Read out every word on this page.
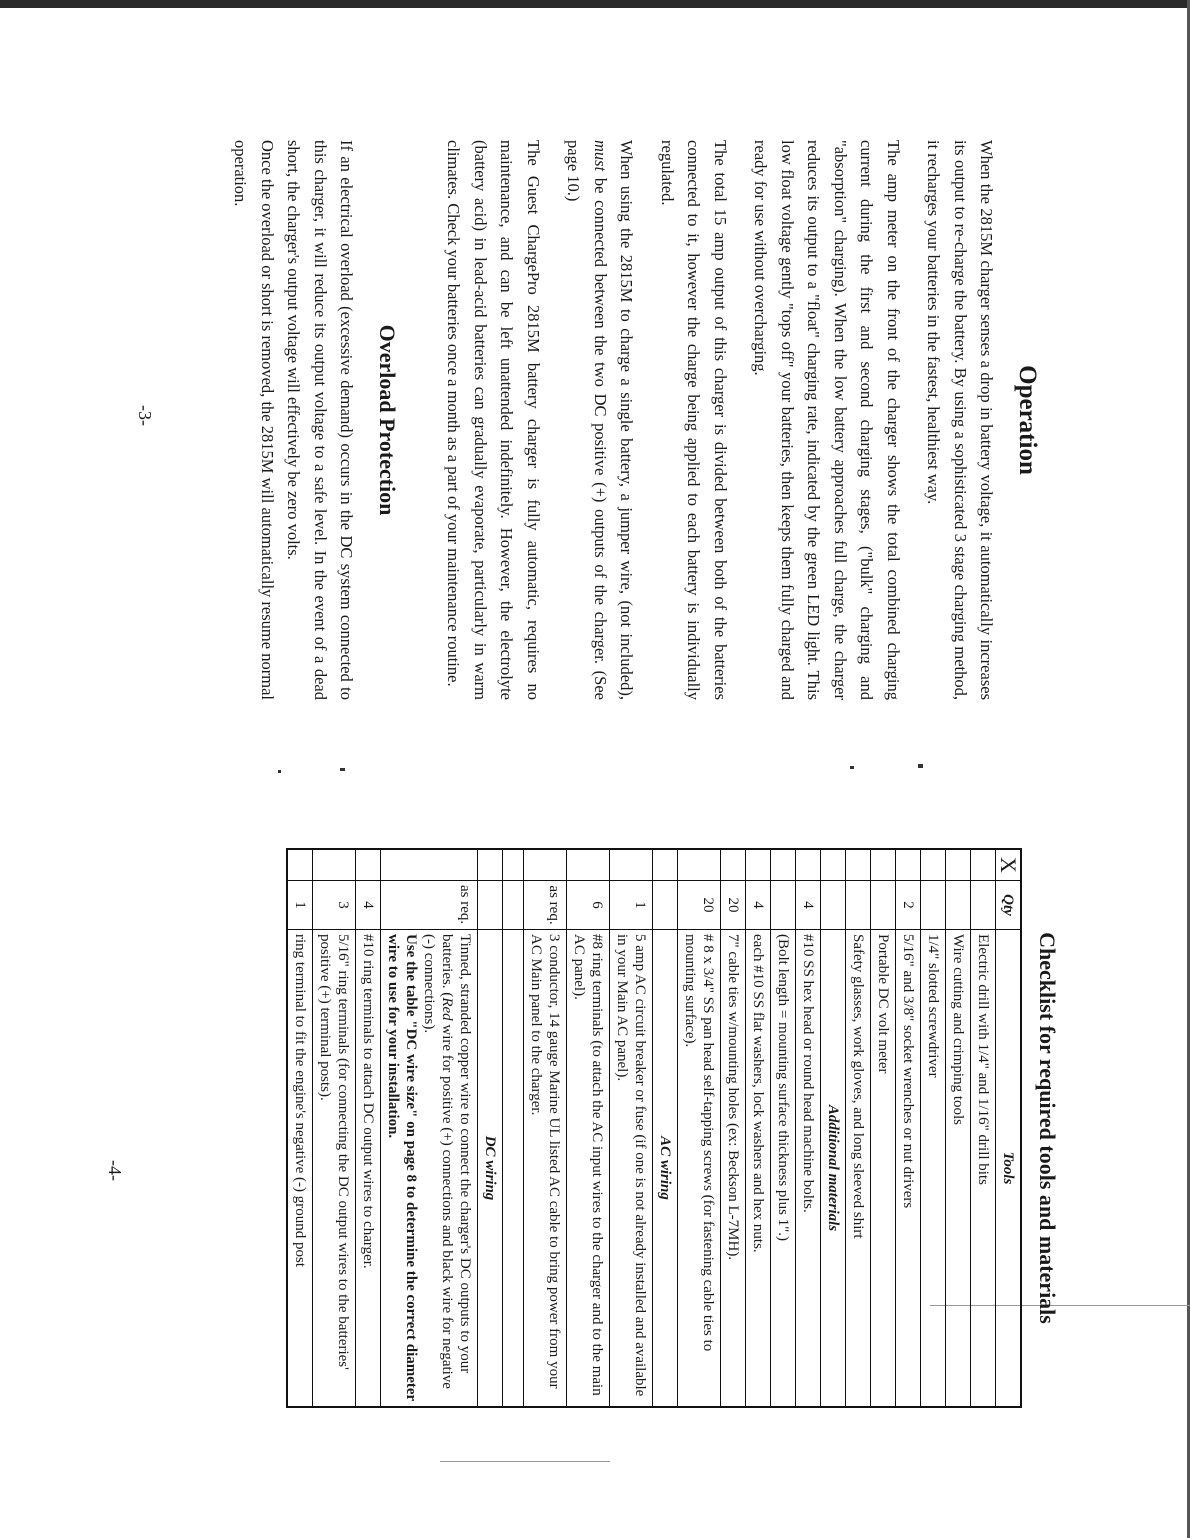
Operation

When the 2815M charger senses a drop in battery voltage, it automatically increases its output to re-charge the battery. By using a sophisticated 3 stage charging method, it recharges your batteries in the fastest, healthiest way.

The amp meter on the front of the charger shows the total combined charging current during the first and second charging stages, ("bulk" charging and "absorption" charging). When the low battery approaches full charge, the charger reduces its output to a "float" charging rate, indicated by the green LED light. This low float voltage gently "tops off" your batteries, then keeps them fully charged and ready for use without overcharging.

The total 15 amp output of this charger is divided between both of the batteries connected to it, however the charge being applied to each battery is individually regulated.

When using the 2815M to charge a single battery, a jumper wire, (not included), must be connected between the two DC positive (+) outputs of the charger. (See page 10.)

The Guest ChargePro 2815M battery charger is fully automatic, requires no maintenance, and can be left unattended indefinitely. However, the electrolyte (battery acid) in lead-acid batteries can gradually evaporate, particularly in warm climates. Check your batteries once a month as a part of your maintenance routine.

Overload Protection

If an electrical overload (excessive demand) occurs in the DC system connected to this charger, it will reduce its output voltage to a safe level. In the event of a dead short, the charger's output voltage will effectively be zero volts.

Once the overload or short is removed, the 2815M will automatically resume normal operation.

-3-
Checklist for required tools and materials
X	Qty	Tools
		Electric drill with 1/4" and 1/16" drill bits
		Wire cutting and crimping tools
		1/4" slotted screwdriver
	2	5/16" and 3/8" socket wrenches or nut drivers
		Portable DC volt meter
		Safety glasses, work gloves, and long sleeved shirt
		Additional materials
	4	#10 SS hex head or round head machine bolts.
		(Bolt length = mounting surface thickness plus 1".)
	4	each #10 SS flat washers, lock washers and hex nuts.
	20	7" cable ties w/mounting holes (ex: Beckson L-7MH).
	20	# 8 x 3/4" SS pan head self-tapping screws (for fastening cable ties to mounting surface).
		AC wiring
	1	5 amp AC circuit breaker or fuse (if one is not already installed and available in your Main AC panel).
	6	#8 ring terminals (to attach the AC input wires to the charger and to the main AC panel).
	as req.	3 conductor, 14 gauge Marine UL listed AC cable to bring power from your AC Main panel to the charger.

		DC wiring
	as req.	Tinned, stranded copper wire to connect the charger's DC outputs to your batteries. (Red wire for positive (+) connections and black wire for negative (-) connections).
Use the table "DC wire size" on page 8 to determine the correct diameter wire to use for your installation.
	4	#10 ring terminals to attach DC output wires to charger.
	3	5/16" ring terminals (for connecting the DC output wires to the batteries' positive (+) terminal posts).
	1	ring terminal to fit the engine's negative (-) ground post
-4-
